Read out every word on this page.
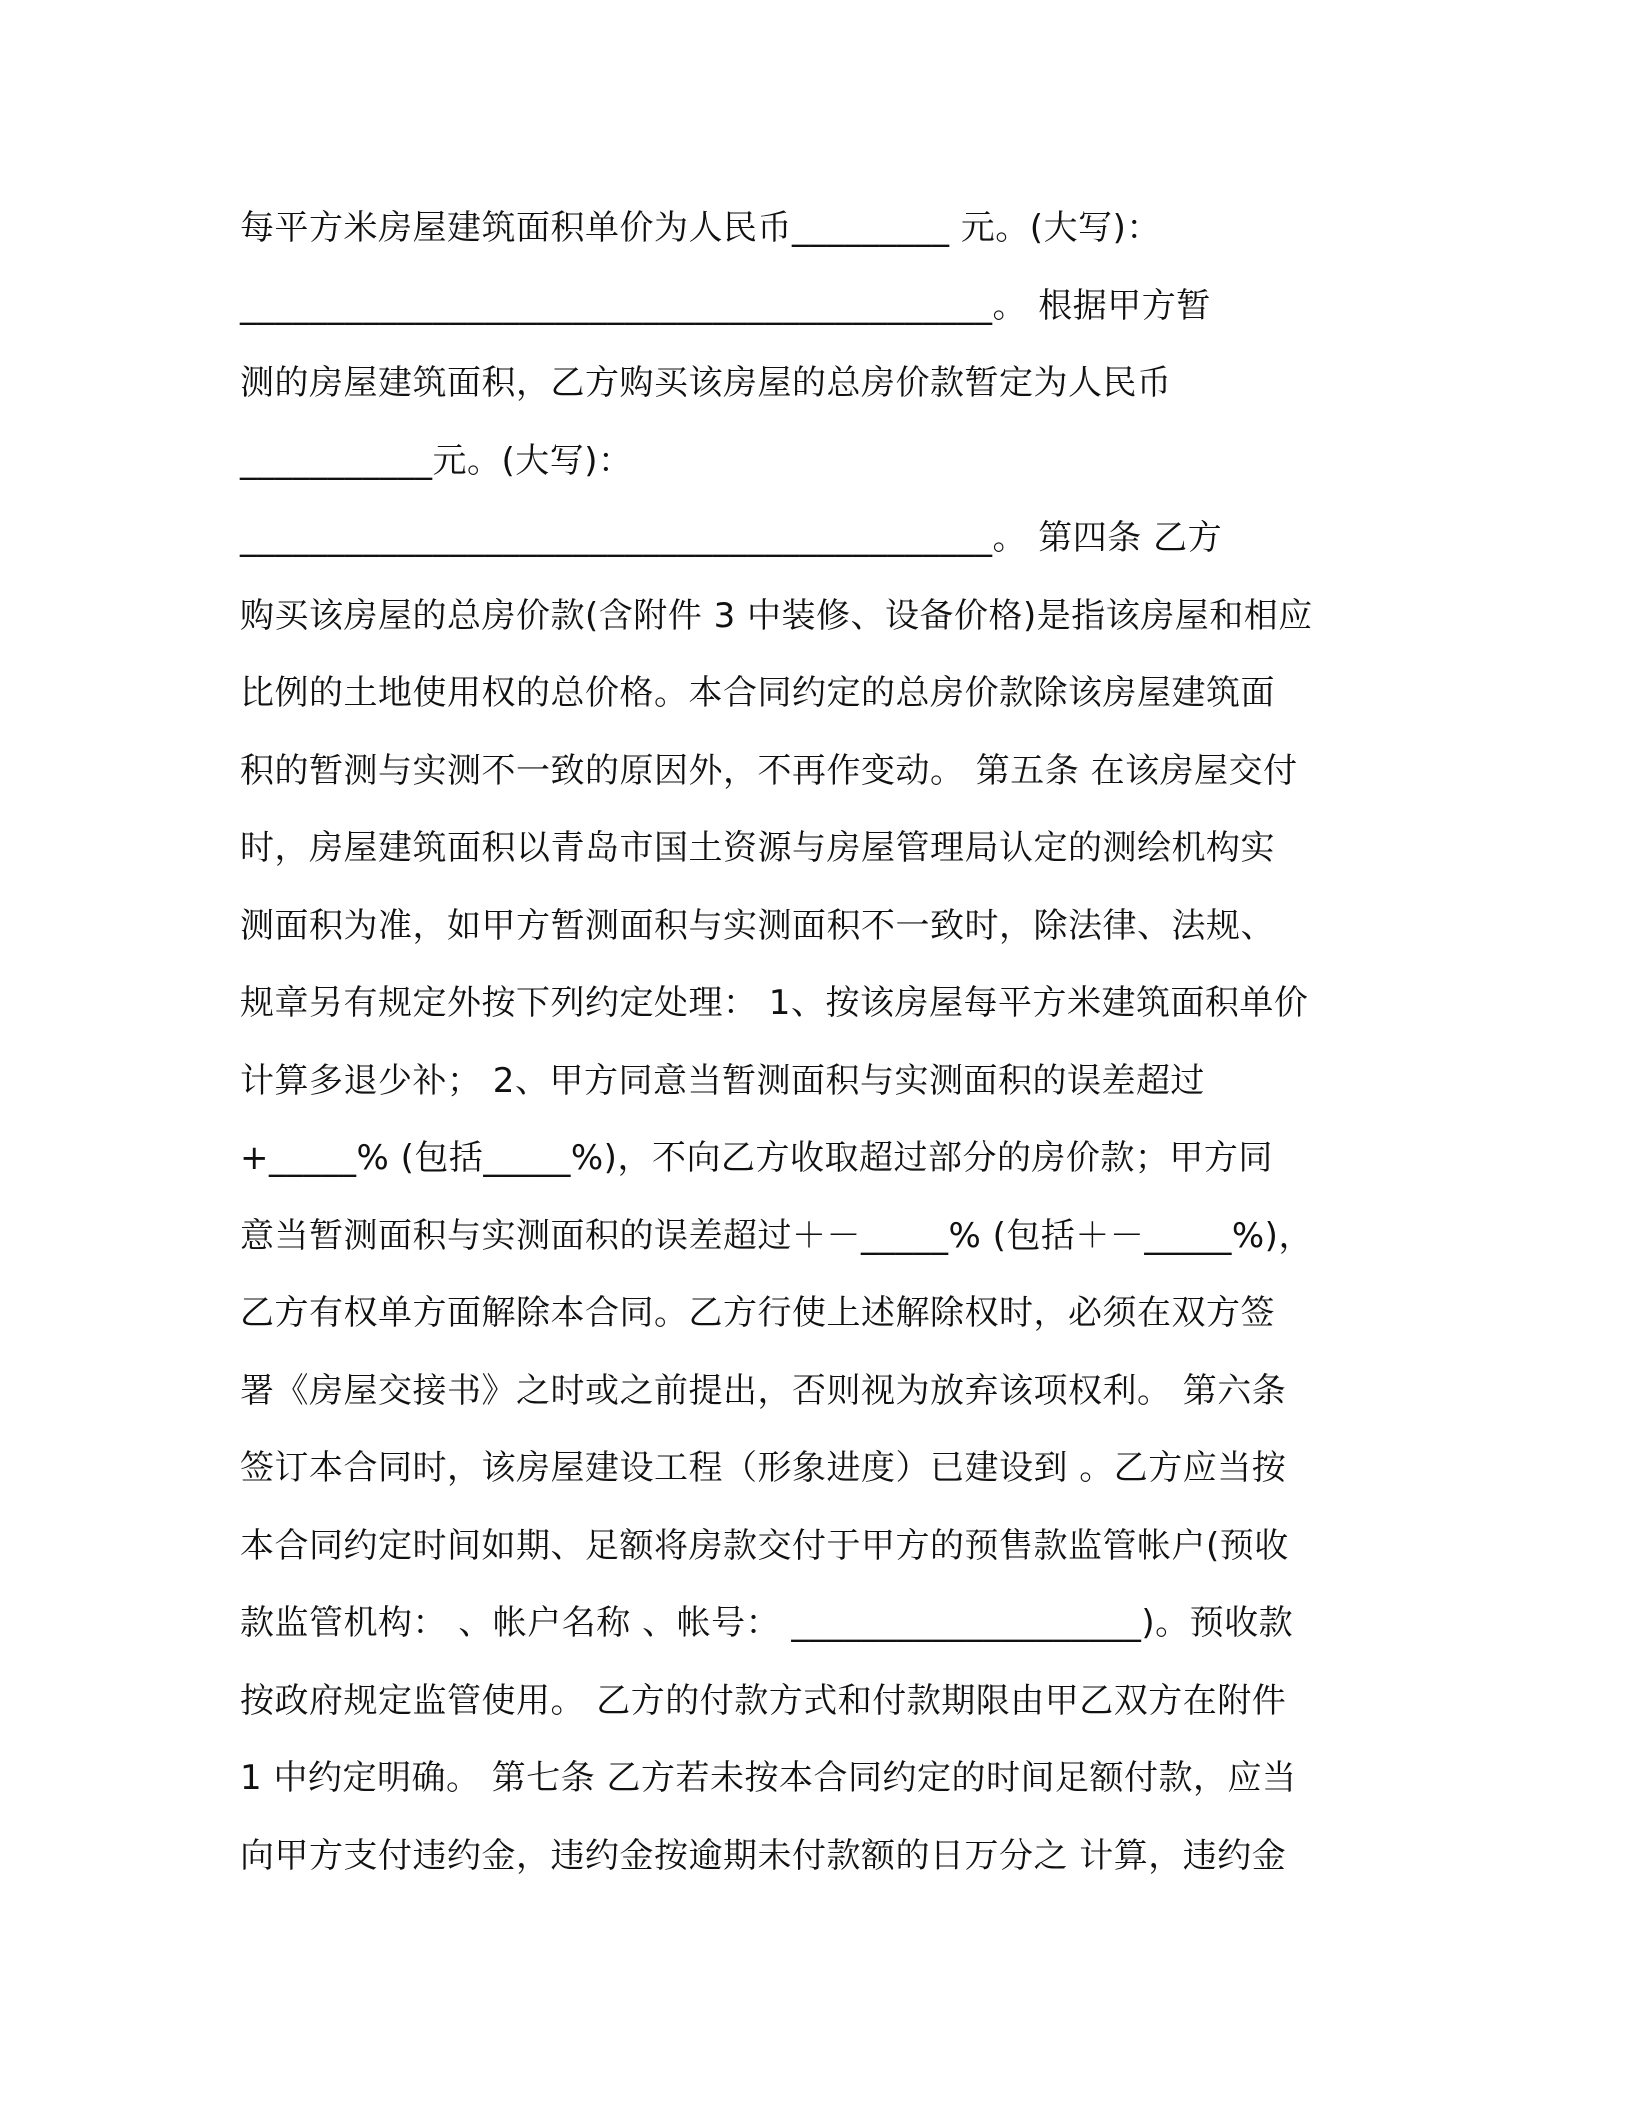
每平方米房屋建筑面积单价为人民币_________ 元。(大写)：
___________________________________________。 根据甲方暂
测的房屋建筑面积，乙方购买该房屋的总房价款暂定为人民币
___________元。(大写)：
___________________________________________。 第四条 乙方
购买该房屋的总房价款(含附件 3 中装修、设备价格)是指该房屋和相应
比例的土地使用权的总价格。本合同约定的总房价款除该房屋建筑面
积的暂测与实测不一致的原因外，不再作变动。 第五条 在该房屋交付
时，房屋建筑面积以青岛市国土资源与房屋管理局认定的测绘机构实
测面积为准，如甲方暂测面积与实测面积不一致时，除法律、法规、
规章另有规定外按下列约定处理： 1、按该房屋每平方米建筑面积单价
计算多退少补； 2、甲方同意当暂测面积与实测面积的误差超过
+_____% (包括_____%)，不向乙方收取超过部分的房价款；甲方同
意当暂测面积与实测面积的误差超过＋－_____% (包括＋－_____%)，
乙方有权单方面解除本合同。乙方行使上述解除权时，必须在双方签
署《房屋交接书》之时或之前提出，否则视为放弃该项权利。 第六条
签订本合同时，该房屋建设工程（形象进度）已建设到 。乙方应当按
本合同约定时间如期、足额将房款交付于甲方的预售款监管帐户(预收
款监管机构： 、帐户名称 、帐号： ____________________)。预收款
按政府规定监管使用。 乙方的付款方式和付款期限由甲乙双方在附件
1 中约定明确。 第七条 乙方若未按本合同约定的时间足额付款，应当
向甲方支付违约金，违约金按逾期未付款额的日万分之 计算，违约金
